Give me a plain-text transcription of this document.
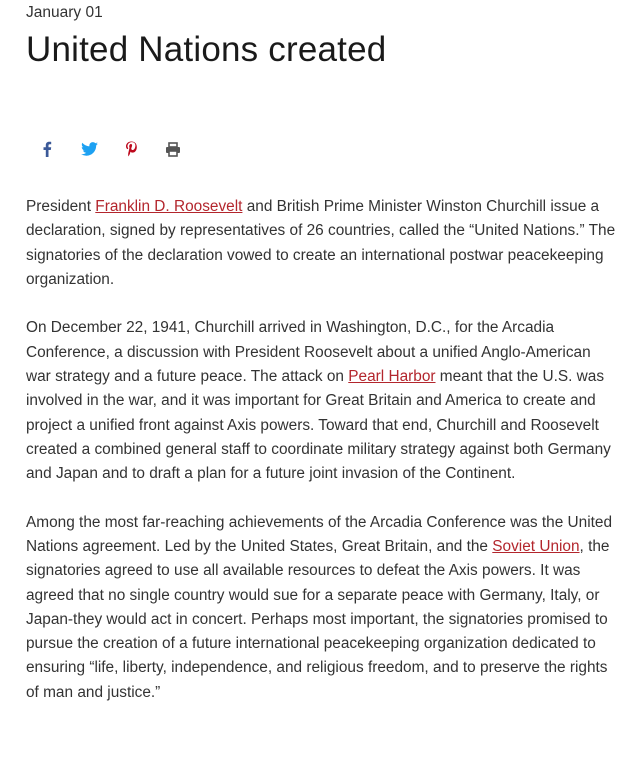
January 01
United Nations created

President Franklin D. Roosevelt and British Prime Minister Winston Churchill issue a declaration, signed by representatives of 26 countries, called the “United Nations.” The signatories of the declaration vowed to create an international postwar peacekeeping organization.

On December 22, 1941, Churchill arrived in Washington, D.C., for the Arcadia Conference, a discussion with President Roosevelt about a unified Anglo-American war strategy and a future peace. The attack on Pearl Harbor meant that the U.S. was involved in the war, and it was important for Great Britain and America to create and project a unified front against Axis powers. Toward that end, Churchill and Roosevelt created a combined general staff to coordinate military strategy against both Germany and Japan and to draft a plan for a future joint invasion of the Continent.

Among the most far-reaching achievements of the Arcadia Conference was the United Nations agreement. Led by the United States, Great Britain, and the Soviet Union, the signatories agreed to use all available resources to defeat the Axis powers. It was agreed that no single country would sue for a separate peace with Germany, Italy, or Japan-they would act in concert. Perhaps most important, the signatories promised to pursue the creation of a future international peacekeeping organization dedicated to ensuring “life, liberty, independence, and religious freedom, and to preserve the rights of man and justice.”
